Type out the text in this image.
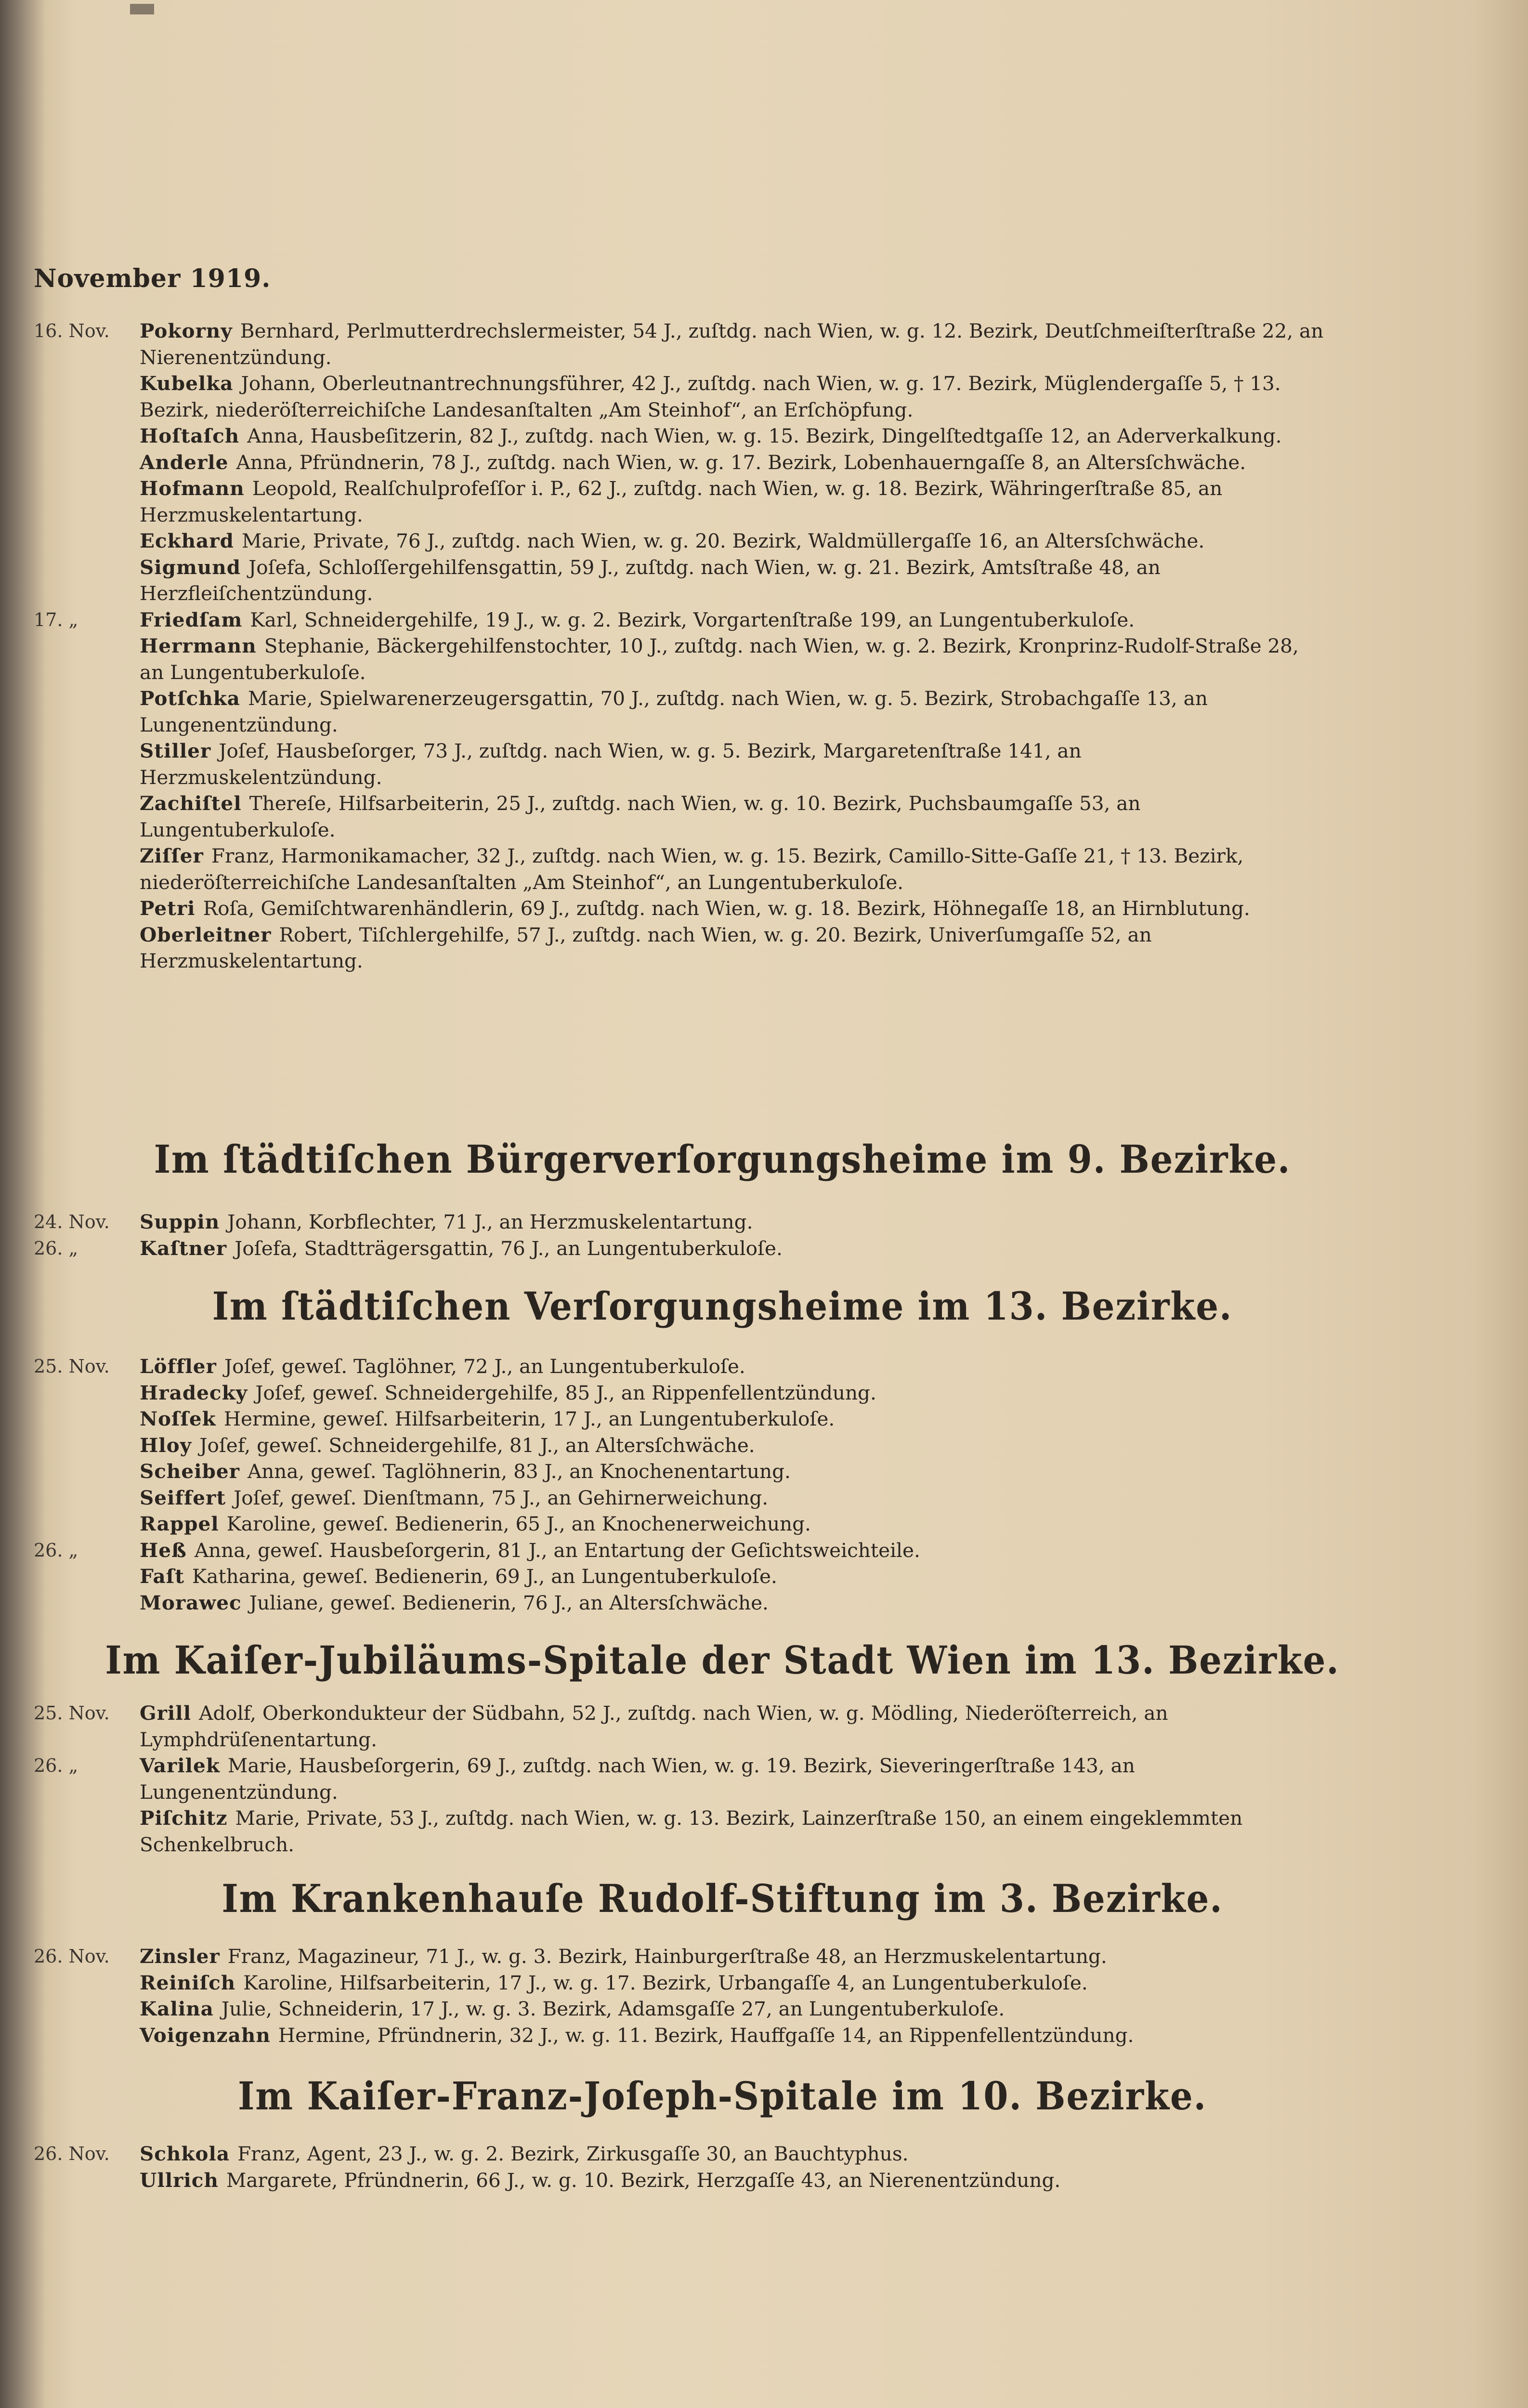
November 1919.
16. Nov.	Pokorny Bernhard, Perlmutterdrechslermeister, 54 J., zuſtdg. nach Wien, w. g. 12. Bezirk, Deutſchmeiſterſtraße 22, an Nierenentzündung.
Kubelka Johann, Oberleutnantrechnungsführer, 42 J., zuſtdg. nach Wien, w. g. 17. Bezirk, Müglendergaſſe 5, † 13. Bezirk, niederöſterreichiſche Landesanſtalten „Am Steinhof“, an Erſchöpfung.
Hoſtaſch Anna, Hausbeſitzerin, 82 J., zuſtdg. nach Wien, w. g. 15. Bezirk, Dingelſtedtgaſſe 12, an Aderverkalkung.
Anderle Anna, Pfründnerin, 78 J., zuſtdg. nach Wien, w. g. 17. Bezirk, Lobenhauerngaſſe 8, an Altersſchwäche.
Hofmann Leopold, Realſchulprofeſſor i. P., 62 J., zuſtdg. nach Wien, w. g. 18. Bezirk, Währingerſtraße 85, an Herzmuskelentartung.
Eckhard Marie, Private, 76 J., zuſtdg. nach Wien, w. g. 20. Bezirk, Waldmüllergaſſe 16, an Altersſchwäche.
Sigmund Joſefa, Schloſſergehilfensgattin, 59 J., zuſtdg. nach Wien, w. g. 21. Bezirk, Amtsſtraße 48, an Herzfleiſchentzündung.
17. „	Friedſam Karl, Schneidergehilfe, 19 J., w. g. 2. Bezirk, Vorgartenſtraße 199, an Lungentuberkuloſe.
Herrmann Stephanie, Bäckergehilfenstochter, 10 J., zuſtdg. nach Wien, w. g. 2. Bezirk, Kronprinz-Rudolf-Straße 28, an Lungentuberkuloſe.
Potſchka Marie, Spielwarenerzeugersgattin, 70 J., zuſtdg. nach Wien, w. g. 5. Bezirk, Strobachgaſſe 13, an Lungenentzündung.
Stiller Joſef, Hausbeſorger, 73 J., zuſtdg. nach Wien, w. g. 5. Bezirk, Margaretenſtraße 141, an Herzmuskelentzündung.
Zachiſtel Thereſe, Hilfsarbeiterin, 25 J., zuſtdg. nach Wien, w. g. 10. Bezirk, Puchsbaumgaſſe 53, an Lungentuberkuloſe.
Ziſſer Franz, Harmonikamacher, 32 J., zuſtdg. nach Wien, w. g. 15. Bezirk, Camillo-Sitte-Gaſſe 21, † 13. Bezirk, niederöſterreichiſche Landesanſtalten „Am Steinhof“, an Lungentuberkuloſe.
Petri Roſa, Gemiſchtwarenhändlerin, 69 J., zuſtdg. nach Wien, w. g. 18. Bezirk, Höhnegaſſe 18, an Hirnblutung.
Oberleitner Robert, Tiſchlergehilfe, 57 J., zuſtdg. nach Wien, w. g. 20. Bezirk, Univerſumgaſſe 52, an Herzmuskelentartung.
Im ſtädtiſchen Bürgerverſorgungsheime im 9. Bezirke.
24. Nov.	Suppin Johann, Korbflechter, 71 J., an Herzmuskelentartung.
26. „	Kaſtner Joſefa, Stadtträgersgattin, 76 J., an Lungentuberkuloſe.
Im ſtädtiſchen Verſorgungsheime im 13. Bezirke.
25. Nov.	Löffler Joſef, geweſ. Taglöhner, 72 J., an Lungentuberkuloſe.
Hradecky Joſef, geweſ. Schneidergehilfe, 85 J., an Rippenfellentzündung.
Noſſek Hermine, geweſ. Hilfsarbeiterin, 17 J., an Lungentuberkuloſe.
Hloy Joſef, geweſ. Schneidergehilfe, 81 J., an Altersſchwäche.
Scheiber Anna, geweſ. Taglöhnerin, 83 J., an Knochenentartung.
Seiffert Joſef, geweſ. Dienſtmann, 75 J., an Gehirnerweichung.
Rappel Karoline, geweſ. Bedienerin, 65 J., an Knochenerweichung.
26. „	Heß Anna, geweſ. Hausbeſorgerin, 81 J., an Entartung der Geſichtsweichteile.
Faſt Katharina, geweſ. Bedienerin, 69 J., an Lungentuberkuloſe.
Morawec Juliane, geweſ. Bedienerin, 76 J., an Altersſchwäche.
Im Kaiſer-Jubiläums-Spitale der Stadt Wien im 13. Bezirke.
25. Nov.	Grill Adolf, Oberkondukteur der Südbahn, 52 J., zuſtdg. nach Wien, w. g. Mödling, Niederöſterreich, an Lymphdrüſenentartung.
26. „	Varilek Marie, Hausbeſorgerin, 69 J., zuſtdg. nach Wien, w. g. 19. Bezirk, Sieveringerſtraße 143, an Lungenentzündung.
Piſchitz Marie, Private, 53 J., zuſtdg. nach Wien, w. g. 13. Bezirk, Lainzerſtraße 150, an einem eingeklemmten Schenkelbruch.
Im Krankenhauſe Rudolf-Stiftung im 3. Bezirke.
26. Nov.	Zinsler Franz, Magazineur, 71 J., w. g. 3. Bezirk, Hainburgerſtraße 48, an Herzmuskelentartung.
Reiniſch Karoline, Hilfsarbeiterin, 17 J., w. g. 17. Bezirk, Urbangaſſe 4, an Lungentuberkuloſe.
Kalina Julie, Schneiderin, 17 J., w. g. 3. Bezirk, Adamsgaſſe 27, an Lungentuberkuloſe.
Voigenzahn Hermine, Pfründnerin, 32 J., w. g. 11. Bezirk, Hauffgaſſe 14, an Rippenfellentzündung.
Im Kaiſer-Franz-Joſeph-Spitale im 10. Bezirke.
26. Nov.	Schkola Franz, Agent, 23 J., w. g. 2. Bezirk, Zirkusgaſſe 30, an Bauchtyphus.
Ullrich Margarete, Pfründnerin, 66 J., w. g. 10. Bezirk, Herzgaſſe 43, an Nierenentzündung.
